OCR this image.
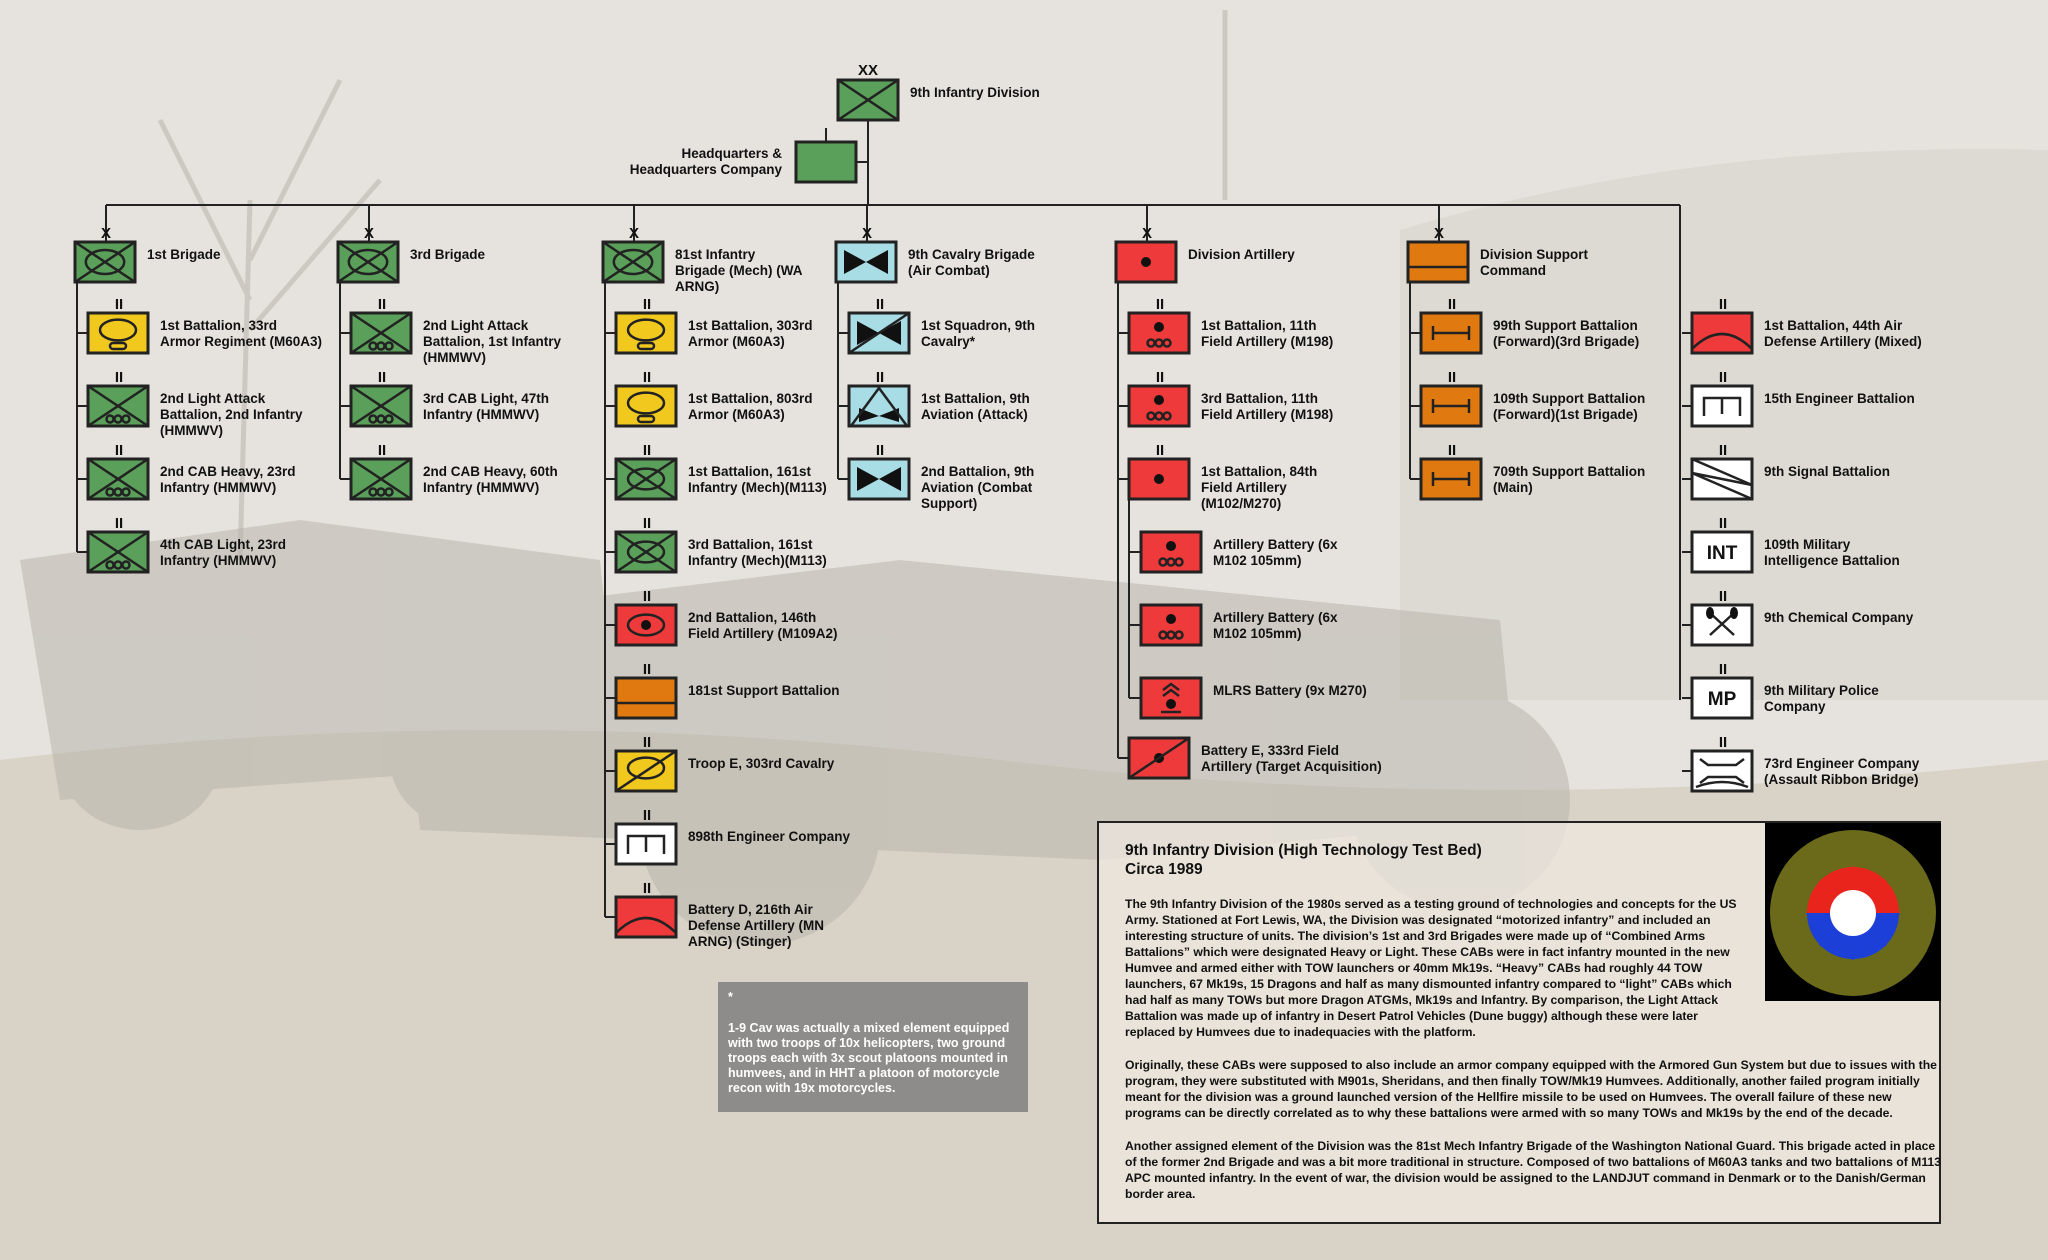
XX
9th Infantry Division
Headquarters & Headquarters Company
X
1st Brigade
II
1st Battalion, 33rd Armor Regiment (M60A3)
II
2nd Light Attack Battalion, 2nd Infantry (HMMWV)
II
2nd CAB Heavy, 23rd Infantry (HMMWV)
II
4th CAB Light, 23rd Infantry (HMMWV)
X
3rd Brigade
II
2nd Light Attack Battalion, 1st Infantry (HMMWV)
II
3rd CAB Light, 47th Infantry (HMMWV)
II
2nd CAB Heavy, 60th Infantry (HMMWV)
X
81st Infantry Brigade (Mech) (WA ARNG)
II
1st Battalion, 303rd Armor (M60A3)
II
1st Battalion, 803rd Armor (M60A3)
II
1st Battalion, 161st Infantry (Mech)(M113)
II
3rd Battalion, 161st Infantry (Mech)(M113)
II
2nd Battalion, 146th Field Artillery (M109A2)
II
181st Support Battalion
II
Troop E, 303rd Cavalry
II
898th Engineer Company
II
Battery D, 216th Air Defense Artillery (MN ARNG) (Stinger)
X
9th Cavalry Brigade (Air Combat)
II
1st Squadron, 9th Cavalry*
II
1st Battalion, 9th Aviation (Attack)
II
2nd Battalion, 9th Aviation (Combat Support)
X
Division Artillery
II
1st Battalion, 11th Field Artillery (M198)
II
3rd Battalion, 11th Field Artillery (M198)
II
1st Battalion, 84th Field Artillery (M102/M270)
Artillery Battery (6x M102 105mm)
Artillery Battery (6x M102 105mm)
MLRS Battery (9x M270)
Battery E, 333rd Field Artillery (Target Acquisition)
X
Division Support Command
II
99th Support Battalion (Forward)(3rd Brigade)
II
109th Support Battalion (Forward)(1st Brigade)
II
709th Support Battalion (Main)
II
1st Battalion, 44th Air Defense Artillery (Mixed)
II
15th Engineer Battalion
II
9th Signal Battalion
II
INT 109th Military Intelligence Battalion
II
9th Chemical Company
II
MP 9th Military Police Company
II
73rd Engineer Company (Assault Ribbon Bridge)
*
1-9 Cav was actually a mixed element equipped with two troops of 10x helicopters, two ground troops each with 3x scout platoons mounted in humvees, and in HHT a platoon of motorcycle recon with 19x motorcycles.
9th Infantry Division (High Technology Test Bed)
Circa 1989

The 9th Infantry Division of the 1980s served as a testing ground of technologies and concepts for the US Army. Stationed at Fort Lewis, WA, the Division was designated “motorized infantry” and included an interesting structure of units. The division’s 1st and 3rd Brigades were made up of “Combined Arms Battalions” which were designated Heavy or Light. These CABs were in fact infantry mounted in the new Humvee and armed either with TOW launchers or 40mm Mk19s. “Heavy” CABs had roughly 44 TOW launchers, 67 Mk19s, 15 Dragons and half as many dismounted infantry compared to “light” CABs which had half as many TOWs but more Dragon ATGMs, Mk19s and Infantry. By comparison, the Light Attack Battalion was made up of infantry in Desert Patrol Vehicles (Dune buggy) although these were later replaced by Humvees due to inadequacies with the platform.

Originally, these CABs were supposed to also include an armor company equipped with the Armored Gun System but due to issues with the program, they were substituted with M901s, Sheridans, and then finally TOW/Mk19 Humvees. Additionally, another failed program initially meant for the division was a ground launched version of the Hellfire missile to be used on Humvees. The overall failure of these new programs can be directly correlated as to why these battalions were armed with so many TOWs and Mk19s by the end of the decade.

Another assigned element of the Division was the 81st Mech Infantry Brigade of the Washington National Guard. This brigade acted in place of the former 2nd Brigade and was a bit more traditional in structure. Composed of two battalions of M60A3 tanks and two battalions of M113 APC mounted infantry. In the event of war, the division would be assigned to the LANDJUT command in Denmark or to the Danish/German border area.
